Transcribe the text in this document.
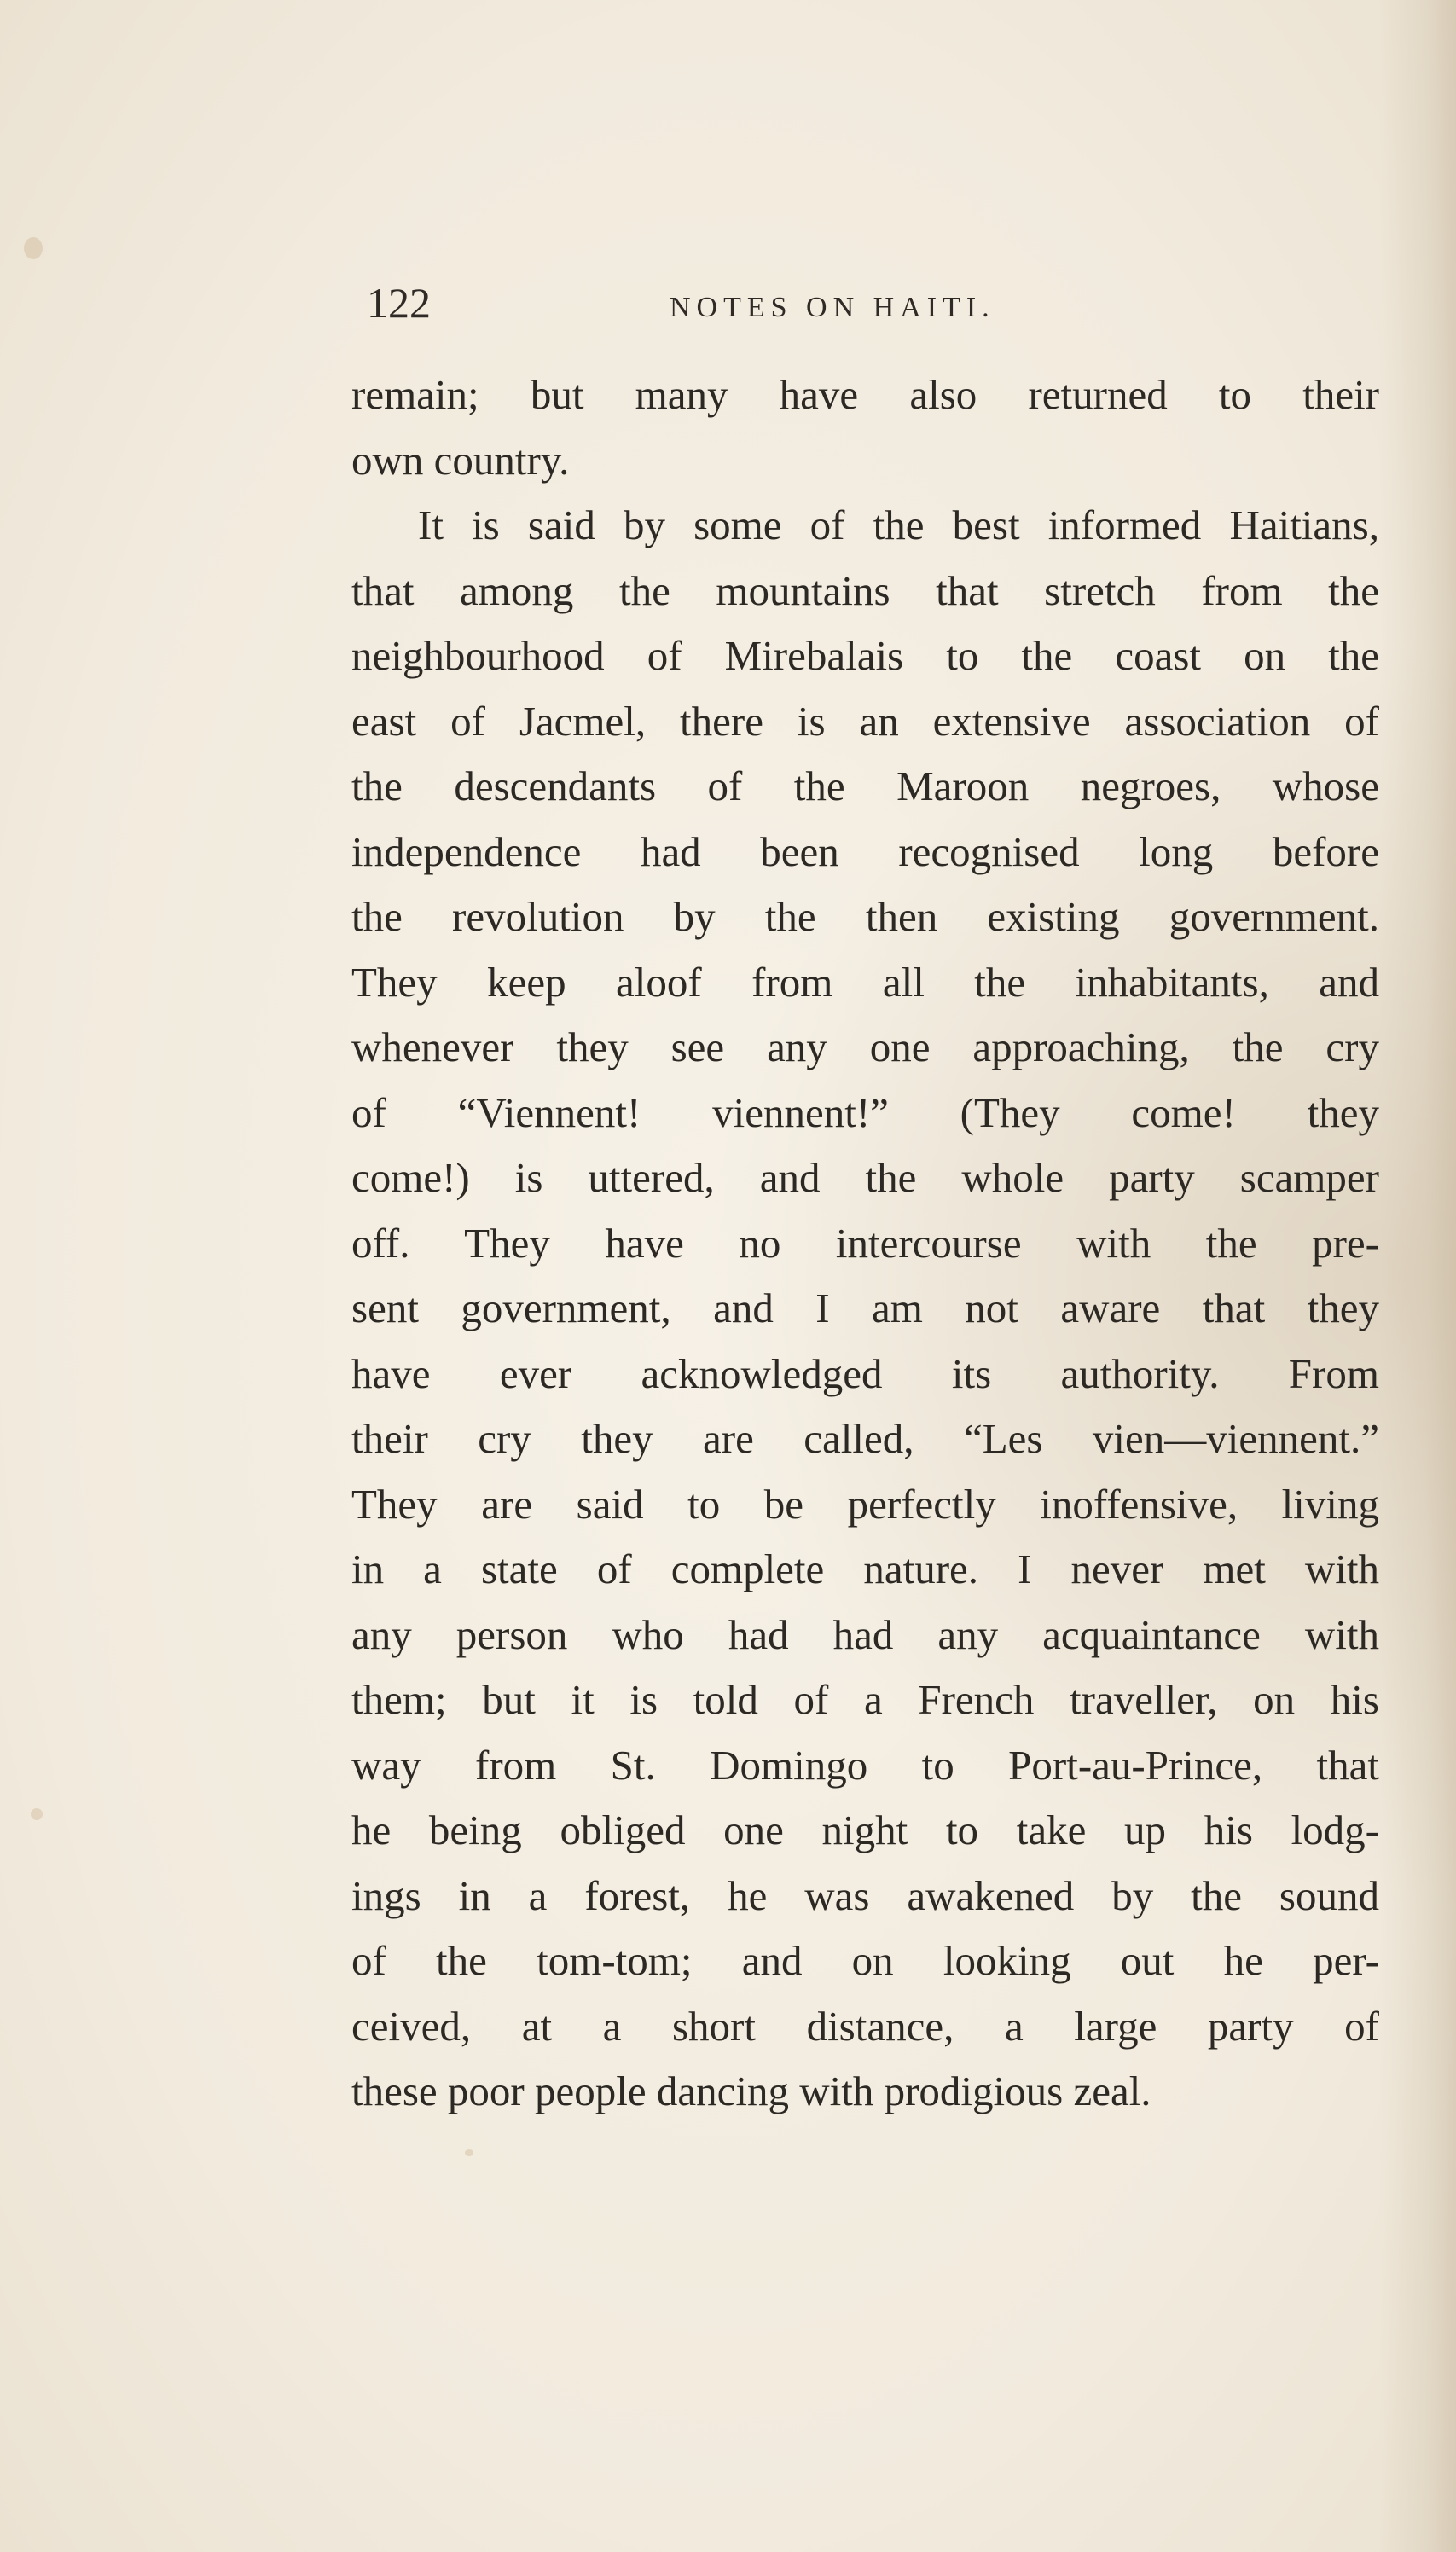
122	NOTES ON HAITI.
remain; but many have also returned to their
own country.
It is said by some of the best informed Haitians,
that among the mountains that stretch from the
neighbourhood of Mirebalais to the coast on the
east of Jacmel, there is an extensive association of
the descendants of the Maroon negroes, whose
independence had been recognised long before
the revolution by the then existing government.
They keep aloof from all the inhabitants, and
whenever they see any one approaching, the cry
of “Viennent! viennent!” (They come! they
come!) is uttered, and the whole party scamper
off. They have no intercourse with the pre-
sent government, and I am not aware that they
have ever acknowledged its authority. From
their cry they are called, “Les vien—viennent.”
They are said to be perfectly inoffensive, living
in a state of complete nature. I never met with
any person who had had any acquaintance with
them; but it is told of a French traveller, on his
way from St. Domingo to Port-au-Prince, that
he being obliged one night to take up his lodg-
ings in a forest, he was awakened by the sound
of the tom-tom; and on looking out he per-
ceived, at a short distance, a large party of
these poor people dancing with prodigious zeal.
